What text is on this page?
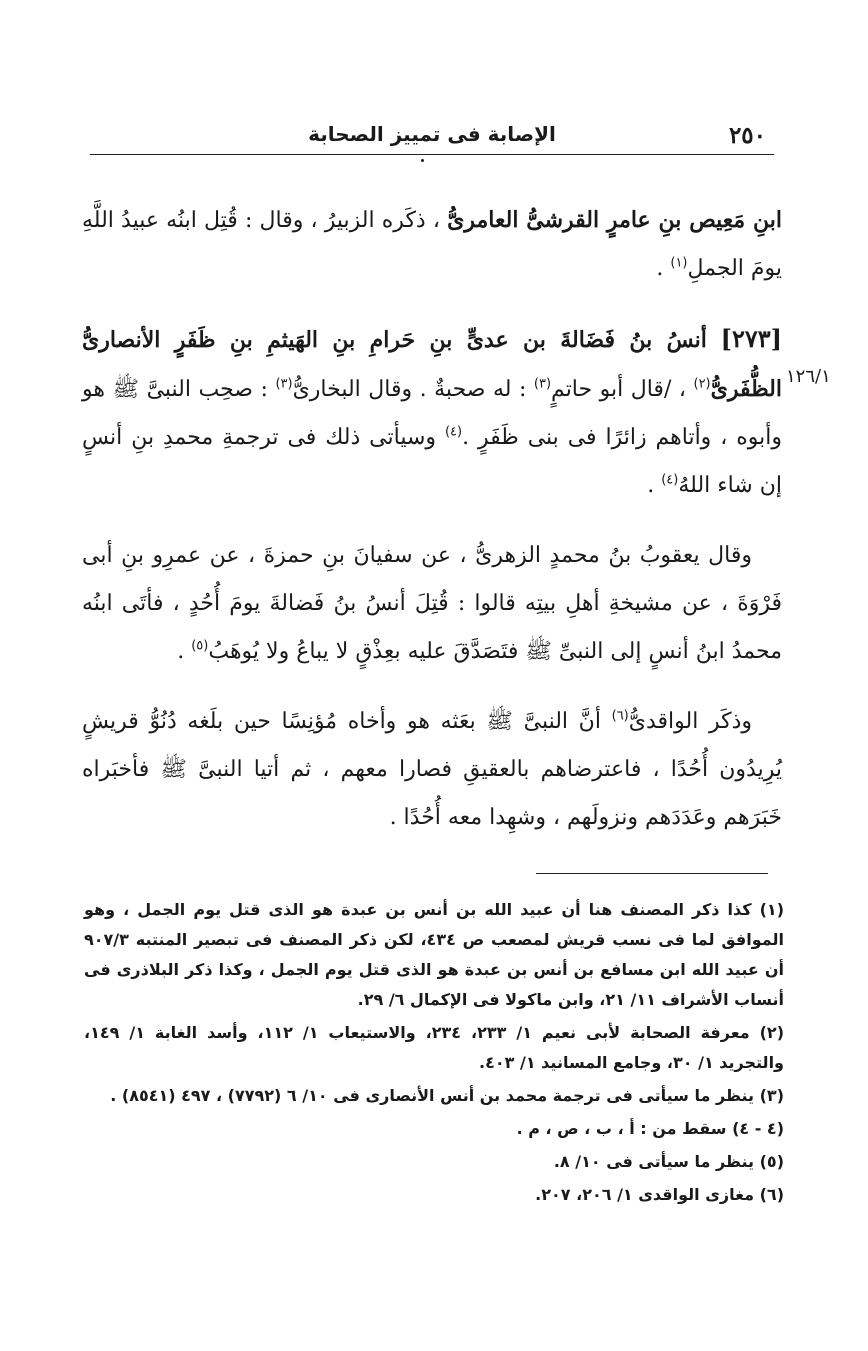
٢٥٠
الإصابة فى تمييز الصحابة
١٢٦/١

ابنِ مَعِيص بنِ عامرٍ القرشىُّ العامرىُّ ، ذكَره الزبيرُ ، وقال : قُتِل ابنُه عبيدُ اللَّهِ يومَ الجملِ$^{(١)}$ .

[٢٧٣] أنسُ بنُ فَضَالةَ بن عدىٍّ بنِ حَرامِ بنِ الهَيثمِ بنِ ظَفَرٍ الأنصارىُّ الظُّفَرىُّ$^{(٢)}$ ، /قال أبو حاتمٍ$^{(٣)}$ : له صحبةٌ . وقال البخارىُّ$^{(٣)}$ : صحِب النبىَّ ﷺ هو وأبوه ، وأتاهم زائرًا فى بنى ظَفَرٍ .$^{(٤)}$ وسيأتى ذلك فى ترجمةِ محمدِ بنِ أنسٍ إن شاء اللهُ$^{(٤)}$ .

وقال يعقوبُ بنُ محمدٍ الزهرىُّ ، عن سفيانَ بنِ حمزةَ ، عن عمرِو بنِ أبى فَرْوَةَ ، عن مشيخةِ أهلِ بيتِه قالوا : قُتِلَ أنسُ بنُ فَضالةَ يومَ أُحُدٍ ، فأتَى ابنُه محمدُ ابنُ أنسٍ إلى النبىِّ ﷺ فتَصَدَّقَ عليه بعِذْقٍ لا يباعُ ولا يُوهَبُ$^{(٥)}$ .

وذكَر الواقدىُّ$^{(٦)}$ أنَّ النبىَّ ﷺ بعَثه هو وأخاه مُؤنِسًا حين بلَغه دُنُوُّ قريشٍ يُرِيدُون أُحُدًا ، فاعترضاهم بالعقيقِ فصارا معهم ، ثم أتيا النبىَّ ﷺ فأخبَراه خَبَرَهم وعَدَدَهم ونزولَهم ، وشهِدا معه أُحُدًا .

(١) كذا ذكر المصنف هنا أن عبيد الله بن أنس بن عبدة هو الذى قتل يوم الجمل ، وهو الموافق لما فى نسب قريش لمصعب ص ٤٣٤، لكن ذكر المصنف فى تبصير المنتبه ٩٠٧/٣ أن عبيد الله ابن مسافع بن أنس بن عبدة هو الذى قتل يوم الجمل ، وكذا ذكر البلاذرى فى أنساب الأشراف ١١/ ٢١، وابن ماكولا فى الإكمال ٦/ ٢٩.

(٢) معرفة الصحابة لأبى نعيم ١/ ٢٣٣، ٢٣٤، والاستيعاب ١/ ١١٢، وأسد الغابة ١/ ١٤٩، والتجريد ١/ ٣٠، وجامع المسانيد ١/ ٤٠٣.

(٣) ينظر ما سيأتى فى ترجمة محمد بن أنس الأنصارى فى ١٠/ ٦ (٧٧٩٢) ، ٤٩٧ (٨٥٤١) .

(٤ - ٤) سقط من : أ ، ب ، ص ، م .

(٥) ينظر ما سيأتى فى ١٠/ ٨.

(٦) مغازى الواقدى ١/ ٢٠٦، ٢٠٧.
